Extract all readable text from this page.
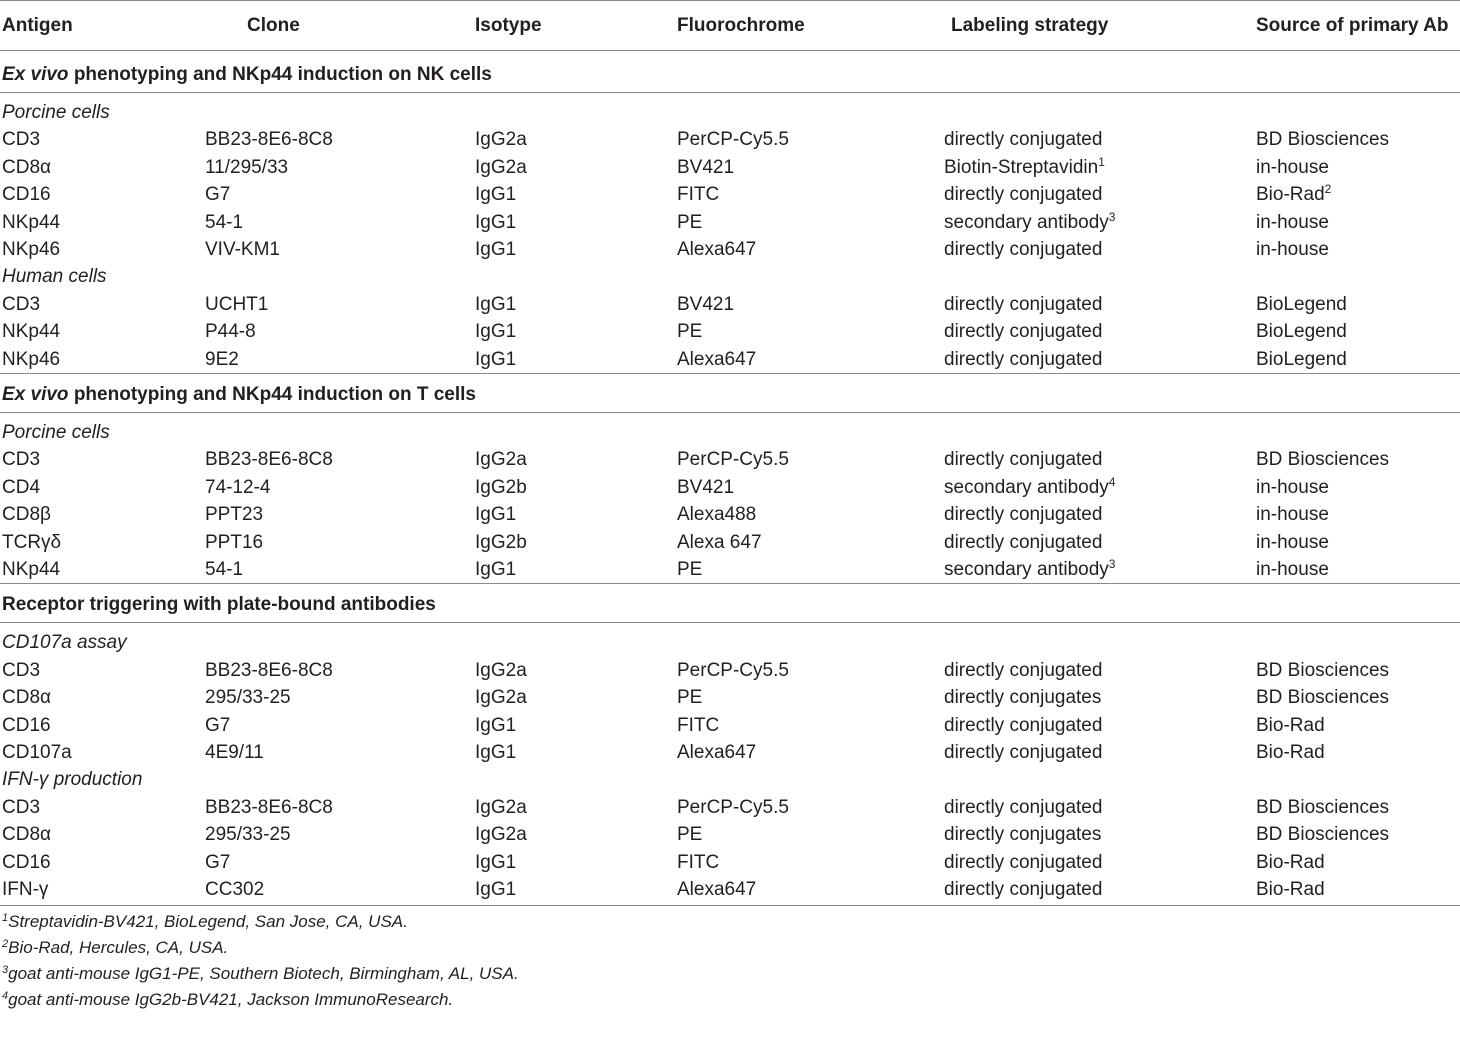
Antigen	Clone	Isotype	Fluorochrome	Labeling strategy	Source of primary Ab
Ex vivo phenotyping and NKp44 induction on NK cells
Porcine cells
CD3	BB23-8E6-8C8	IgG2a	PerCP-Cy5.5	directly conjugated	BD Biosciences
CD8α	11/295/33	IgG2a	BV421	Biotin-Streptavidin$^1$	in-house
CD16	G7	IgG1	FITC	directly conjugated	Bio-Rad$^2$
NKp44	54-1	IgG1	PE	secondary antibody$^3$	in-house
NKp46	VIV-KM1	IgG1	Alexa647	directly conjugated	in-house
Human cells
CD3	UCHT1	IgG1	BV421	directly conjugated	BioLegend
NKp44	P44-8	IgG1	PE	directly conjugated	BioLegend
NKp46	9E2	IgG1	Alexa647	directly conjugated	BioLegend
Ex vivo phenotyping and NKp44 induction on T cells
Porcine cells
CD3	BB23-8E6-8C8	IgG2a	PerCP-Cy5.5	directly conjugated	BD Biosciences
CD4	74-12-4	IgG2b	BV421	secondary antibody$^4$	in-house
CD8β	PPT23	IgG1	Alexa488	directly conjugated	in-house
TCRγδ	PPT16	IgG2b	Alexa 647	directly conjugated	in-house
NKp44	54-1	IgG1	PE	secondary antibody$^3$	in-house
Receptor triggering with plate-bound antibodies
CD107a assay
CD3	BB23-8E6-8C8	IgG2a	PerCP-Cy5.5	directly conjugated	BD Biosciences
CD8α	295/33-25	IgG2a	PE	directly conjugates	BD Biosciences
CD16	G7	IgG1	FITC	directly conjugated	Bio-Rad
CD107a	4E9/11	IgG1	Alexa647	directly conjugated	Bio-Rad
IFN-γ production
CD3	BB23-8E6-8C8	IgG2a	PerCP-Cy5.5	directly conjugated	BD Biosciences
CD8α	295/33-25	IgG2a	PE	directly conjugates	BD Biosciences
CD16	G7	IgG1	FITC	directly conjugated	Bio-Rad
IFN-γ	CC302	IgG1	Alexa647	directly conjugated	Bio-Rad
$^1$Streptavidin-BV421, BioLegend, San Jose, CA, USA.
$^2$Bio-Rad, Hercules, CA, USA.
$^3$goat anti-mouse IgG1-PE, Southern Biotech, Birmingham, AL, USA.
$^4$goat anti-mouse IgG2b-BV421, Jackson ImmunoResearch.
